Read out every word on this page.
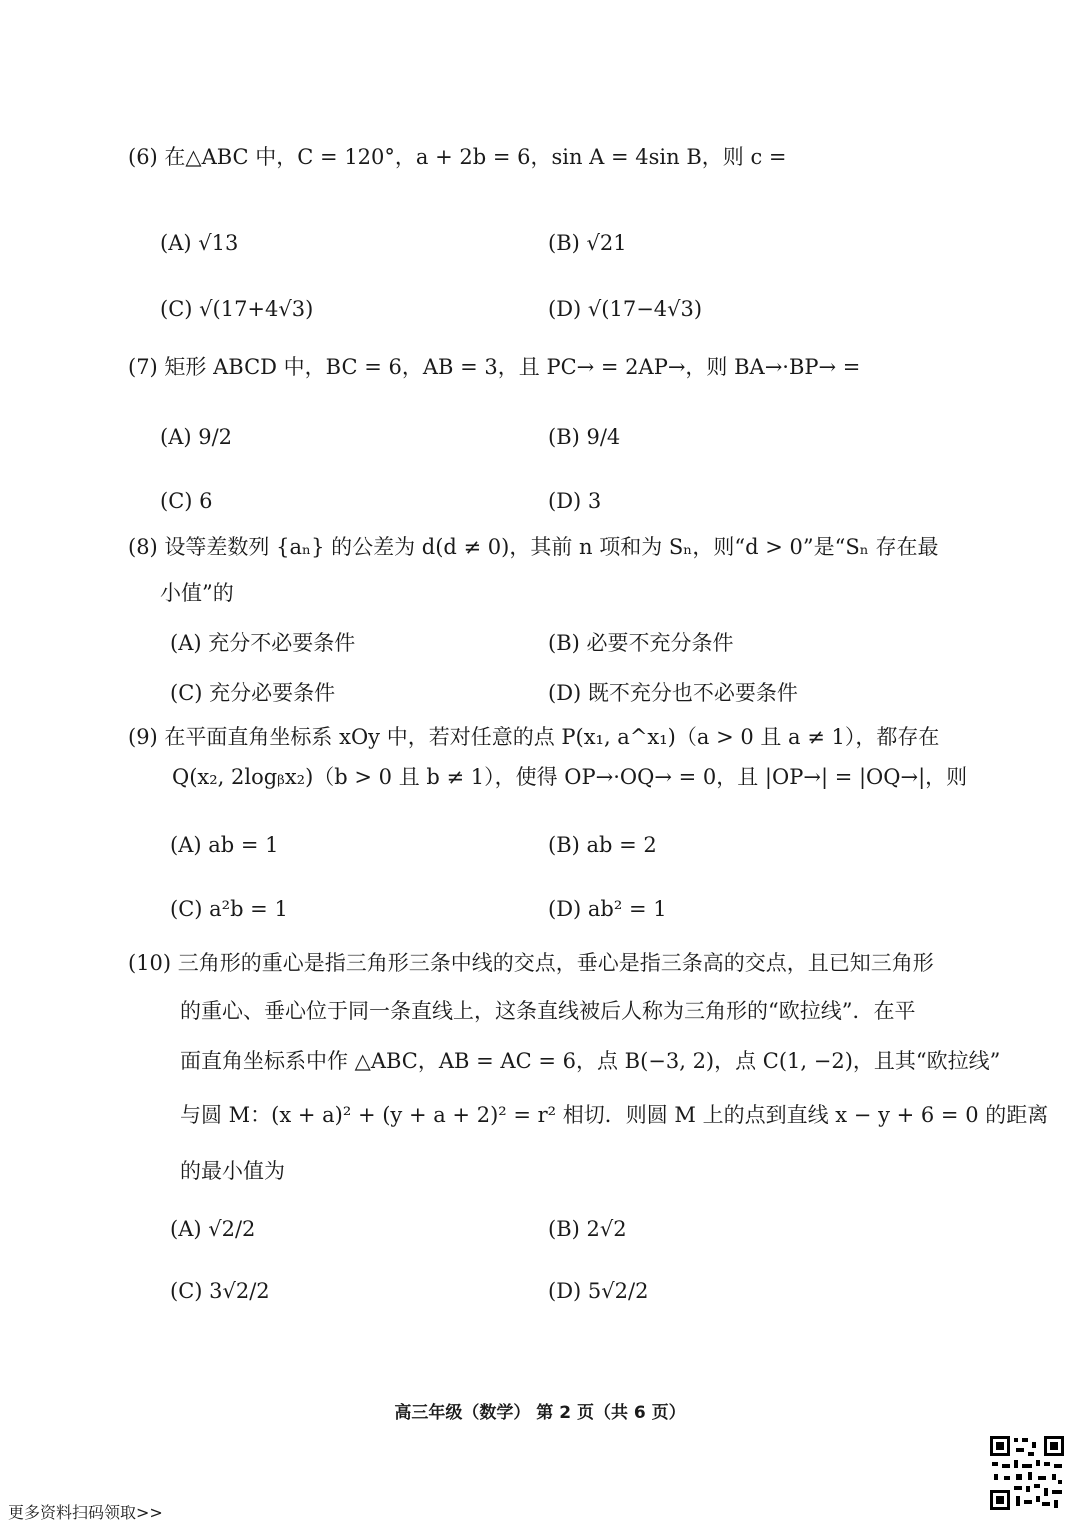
(6) 在△ABC 中，C = 120°，a + 2b = 6，sin A = 4sin B，则 c =
(A) √13	(B) √21
(C) √(17+4√3)	(D) √(17−4√3)
(7) 矩形 ABCD 中，BC = 6，AB = 3，且 PC→ = 2AP→，则 BA→·BP→ =
(A) 9/2	(B) 9/4
(C) 6	(D) 3
(8) 设等差数列 {aₙ} 的公差为 d(d ≠ 0)，其前 n 项和为 Sₙ，则“d > 0”是“Sₙ 存在最
小值”的
(A) 充分不必要条件	(B) 必要不充分条件
(C) 充分必要条件	(D) 既不充分也不必要条件
(9) 在平面直角坐标系 xOy 中，若对任意的点 P(x₁, a^x₁)（a > 0 且 a ≠ 1），都存在
Q(x₂, 2logᵦx₂)（b > 0 且 b ≠ 1），使得 OP→·OQ→ = 0，且 |OP→| = |OQ→|，则
(A) ab = 1	(B) ab = 2
(C) a²b = 1	(D) ab² = 1
(10) 三角形的重心是指三角形三条中线的交点，垂心是指三条高的交点，且已知三角形
的重心、垂心位于同一条直线上，这条直线被后人称为三角形的“欧拉线”．在平
面直角坐标系中作 △ABC，AB = AC = 6，点 B(−3, 2)，点 C(1, −2)，且其“欧拉线”
与圆 M：(x + a)² + (y + a + 2)² = r² 相切．则圆 M 上的点到直线 x − y + 6 = 0 的距离
的最小值为
(A) √2/2	(B) 2√2
(C) 3√2/2	(D) 5√2/2
高三年级（数学） 第 2 页（共 6 页）
更多资料扫码领取>>
